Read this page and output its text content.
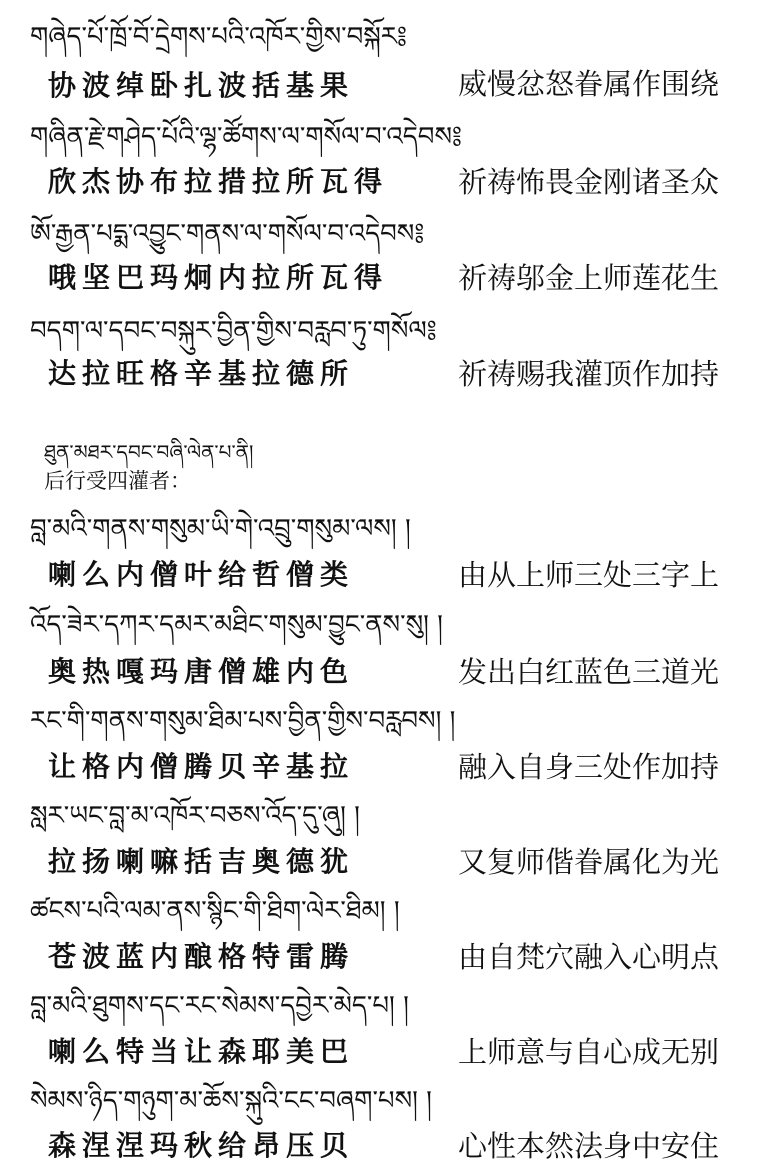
གཞེད་པོ་ཁྲོ་བོ་དྲེགས་པའི་འཁོར་གྱིས་བསྐོར༔
协波绰卧扎波括基果	威慢忿怒眷属作围绕
གཞིན་རྗེ་གཤེད་པོའི་ལྷ་ཚོགས་ལ་གསོལ་བ་འདེབས༔
欣杰协布拉措拉所瓦得 祈祷怖畏金刚诸圣众
ཨོ་རྒྱན་པདྨ་འབྱུང་གནས་ལ་གསོལ་བ་འདེབས༔
哦坚巴玛炯内拉所瓦得 祈祷邬金上师莲花生
བདག་ལ་དབང་བསྐུར་བྱིན་གྱིས་བརླབ་ཏུ་གསོལ༔
达拉旺格辛基拉德所	祈祷赐我灌顶作加持
ཐུན་མཐར་དབང་བཞི་ལེན་པ་ནི།
后行受四灌者：
བླ་མའི་གནས་གསུམ་ཡི་གེ་འབྲུ་གསུམ་ལས། །
喇么内僧叶给哲僧类	由从上师三处三字上
འོད་ཟེར་དཀར་དམར་མཐིང་གསུམ་བྱུང་ནས་སུ། །
奥热嘎玛唐僧雄内色	发出白红蓝色三道光
རང་གི་གནས་གསུམ་ཐིམ་པས་བྱིན་གྱིས་བརླབས། །
让格内僧腾贝辛基拉	融入自身三处作加持
སླར་ཡང་བླ་མ་འཁོར་བཅས་འོད་དུ་ཞུ། །
拉扬喇嘛括吉奥德犹	又复师偕眷属化为光
ཚངས་པའི་ལམ་ནས་སྙིང་གི་ཐིག་ལེར་ཐིམ། །
苍波蓝内酿格特雷腾	由自梵穴融入心明点
བླ་མའི་ཐུགས་དང་རང་སེམས་དབྱེར་མེད་པ། །
喇么特当让森耶美巴	上师意与自心成无别
སེམས་ཉིད་གཉུག་མ་ཆོས་སྐུའི་ངང་བཞག་པས། །
森涅涅玛秋给昂压贝	心性本然法身中安住
